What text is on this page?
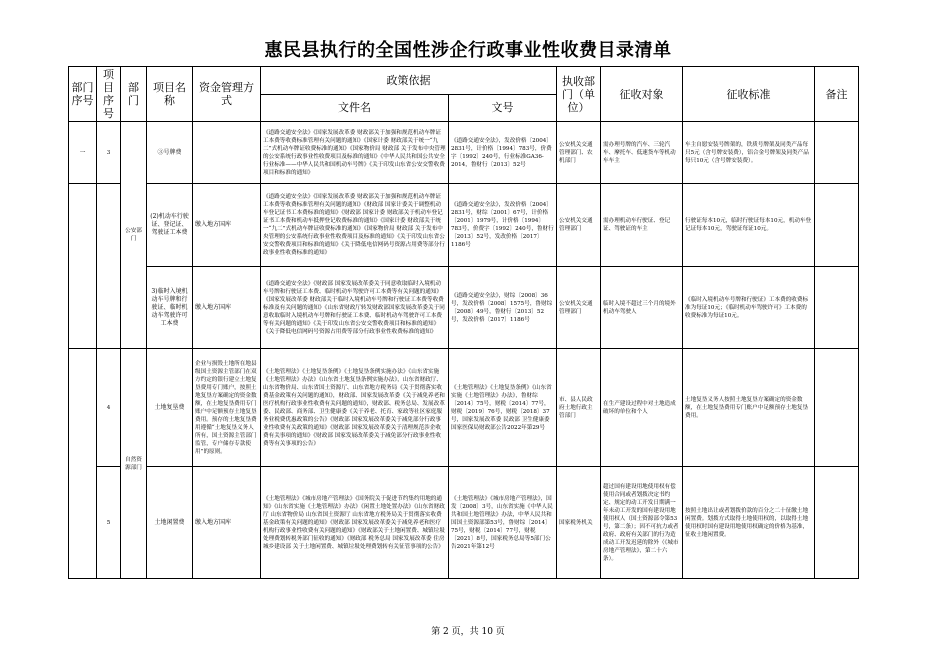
惠民县执行的全国性涉企行政事业性收费目录清单
部门序号	项目序号	部门	项目名称	资金管理方式	政策依据		执收部门（单位）	征收对象	征收标准	备注
					文件名	文号				
一	3	公安部门	③号牌费		《道路交通安全法》《国家发展改革委 财政部关于加强和规范机动车牌证工本费等收费标准管理有关问题的通知》《国家计委 财政部关于统一“九二”式机动车牌证收费标准的通知》《国家物价局 财政部 关于发布中央管理的公安系统行政事业性收费项目及标准的通知》《中华人民共和国公共安全行业标准——中华人民共和国机动车号牌》《关于印发山东省公安交警收费项目和标准的通知》	《道路交通安全法》，发改价格〔2004〕2831号，计价格〔1994〕783号，价费字〔1992〕240号，行业标准GA36-2014，鲁财行〔2013〕52号	公安机关交通管理部门、农机部门	需办理号牌的汽车、三轮汽车、摩托车、低速货车等机动车车主	车主自愿安装号牌架的，铁质号牌架及同类产品每只5元（含号牌安装费），铝合金号牌架及同类产品每只10元（含号牌安装费）。	
			(2)机动车行驶证、登记证、驾驶证工本费	缴入地方国库	《道路交通安全法》《国家发展改革委 财政部关于加强和规范机动车牌证工本费等收费标准管理有关问题的通知》《财政部 国家计委关于调整机动车登记证书工本费标准的通知》《财政部 国家计委 财政部关于机动车登记证书工本费和机动车抵押登记收费标准的通知》《国家计委 财政部关于统一“九二”式机动车牌证收费标准的通知》《国家物价局 财政部 关于发布中央管理的公安系统行政事业性收费项目及标准的通知》《关于印发山东省公安交警收费项目和标准的通知》《关于降低电信网码号资源占用费等部分行政事业性收费标准的通知》	《道路交通安全法》，发改价格〔2004〕2831号，财综〔2001〕67号，计价格〔2001〕1979号，计价格〔1994〕783号，价费字〔1992〕240号，鲁财行〔2013〕52号，发改价格〔2017〕1186号	公安机关交通管理部门	需办理机动车行驶证、登记证、驾驶证的车主	行驶证每本10元，临时行驶证每本10元，机动车登记证每本10元，驾驶证每证10元。	
			3)临时入境机动车号牌和行驶证、临时机动车驾驶许可工本费	缴入地方国库	《道路交通安全法》《财政部 国家发展改革委关于同意收取临时入境机动车号牌和行驶证工本费、临时机动车驾驶许可工本费等有关问题的通知》《国家发展改革委 财政部关于临时入境机动车号牌和行驶证工本费等收费标准及有关问题的通知》《山东省财政厅转发财政部国家发展改革委关于同意收取临时入境机动车号牌和行驶证工本费、临时机动车驾驶许可工本费等有关问题的通知》《关于印发山东省公安交警收费项目和标准的通知》《关于降低电信网码号资源占用费等部分行政事业性收费标准的通知》	《道路交通安全法》，财综〔2008〕36号，发改价格〔2008〕1575号，鲁财综〔2008〕49号，鲁财行〔2013〕52号，发改价格〔2017〕1186号	公安机关交通管理部门	临时入境不超过三个月的境外机动车驾驶人	《临时入境机动车号牌和行驶证》工本费的收费标准为每证10元；《临时机动车驾驶许可》工本费的收费标准为每证10元。	
	4	自然资源部门	土地复垦费	企业与损毁土地所在地县级国土资源主管部门在双方约定的银行建立土地复垦费用专门账户，按照土地复垦方案确定的资金数额，在土地复垦费用专门账户中足额预存土地复垦费用。预存的土地复垦费用遵循“土地复垦义务人所有，国土资源主管部门监管，专户储存专款使用”的原则。	《土地管理法》《土地复垦条例》《土地复垦条例实施办法》《山东省实施《土地管理法》办法》《山东省土地复垦条例实施办法》，山东省财政厅、山东省物价局、山东省国土资源厅、山东省地方税务局《关于贯彻落实收费基金政策有关问题的通知》，财政部、国家发展改革委《关于减免养老和医疗机构行政事业性收费有关问题的通知》，财政部、税务总局、发展改革委、民政部、商务部、卫生健康委《关于养老、托育、家政等社区家庭服务业税费优惠政策的公告》《财政部 国家发展改革委关于减免部分行政事业性收费有关政策的通知》《财政部 国家发展改革委关于清理规范涉企收费有关事项的通知》《财政部 国家发展改革委关于减免部分行政事业性收费等有关事项的公告》	《土地管理法》《土地复垦条例》《山东省实施《土地管理法》办法》，鲁财综〔2014〕75号，财税〔2014〕77号，财税〔2019〕76号，财税〔2018〕37号，国家发展改革委 民政部 卫生健康委 国家医保局财政部公告2022年第29号	市、县人民政府土地行政主管部门	在生产建设过程中对土地造成破坏的单位和个人	土地复垦义务人按照土地复垦方案确定的资金数额，在土地复垦费用专门账户中足额预存土地复垦费用。	
	5		土地闲置费	缴入地方国库	《土地管理法》《城市房地产管理法》《国务院关于促进节约集约用地的通知》《山东省实施《土地管理法》办法》《闲置土地处置办法》《山东省财政厅 山东省物价局 山东省国土资源厅 山东省地方税务局关于贯彻落实收费基金政策有关问题的通知》《财政部 国家发展改革委关于减免养老和医疗机构行政事业性收费有关问题的通知》《财政部关于土地闲置费、城镇垃圾处理费划转税务部门征收的通知》《财政部 税务总局 国家发展改革委 住房城乡建设部 关于土地闲置费、城镇垃圾处理费划转有关征管事项的公告》	《土地管理法》《城市房地产管理法》，国发〔2008〕3号，山东省实施《中华人民共和国土地管理法》办法，中华人民共和国国土资源部第53号，鲁财综〔2014〕75号，财税〔2014〕77号，财税〔2021〕8号，国家税务总局等5部门公告2021年第12号	国家税务机关	超过国有建设用地使用权有偿使用合同或者划拨决定书约定、规定的动工开发日期满一年未动工开发的国有建设用地使用权人（国土资源部令第53号，第二条）；因不可抗力或者政府、政府有关部门的行为造成动工开发迟延的除外（《城市房地产管理法》，第二十六条）。	按照土地出让或者划拨价款的百分之二十征缴土地闲置费。划拨方式取得土地使用权的，以取得土地使用权时国有建设用地使用权确定的价格为基准，征收土地闲置费。	
第 2 页，共 10 页
